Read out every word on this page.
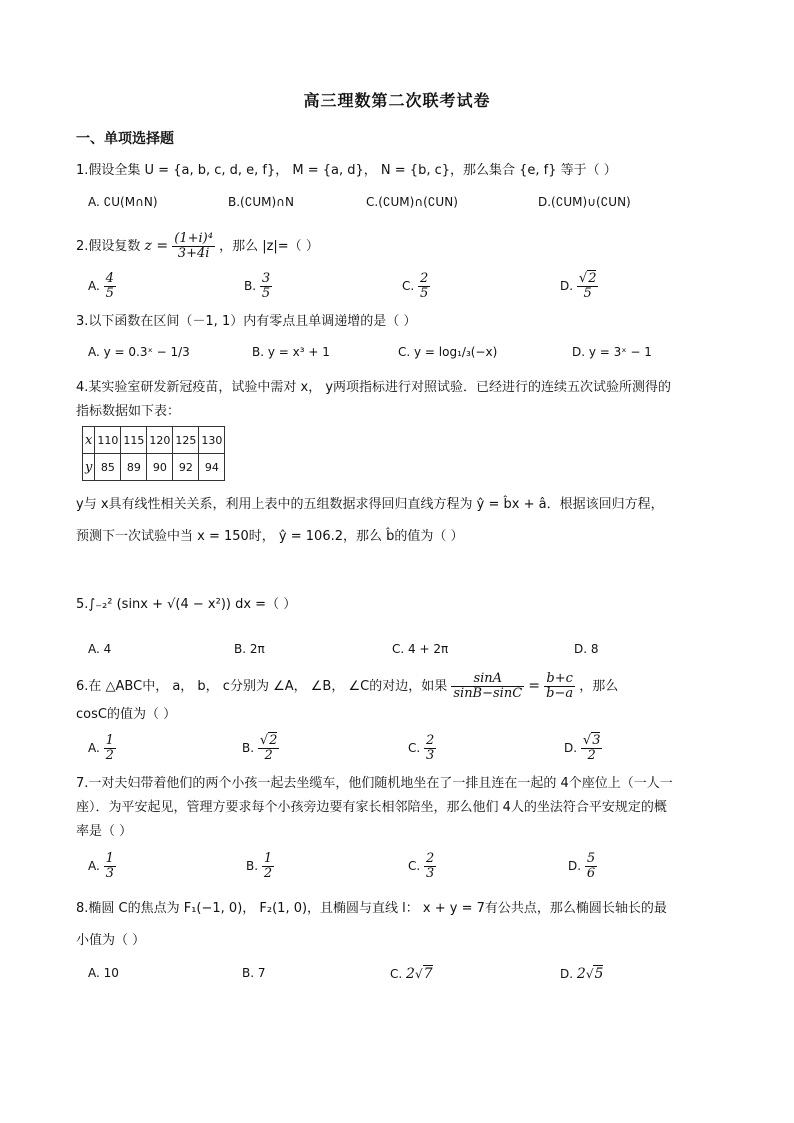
高三理数第二次联考试卷
一、单项选择题
1.假设全集 U = {a, b, c, d, e, f}， M = {a, d}， N = {b, c}，那么集合 {e, f} 等于（ ）
A. ∁U(M∩N)	B.(∁UM)∩N	C.(∁UM)∩(∁UN)	D.(∁UM)∪(∁UN)
2.假设复数 $z = \frac{\text{(1+i)⁴}}{3+4i}$ ，那么 |z|=（ ）
A. $\frac{4}{5}$	B. $\frac{3}{5}$	C. $\frac{2}{5}$	D. $\frac{√2}{5}$
3.以下函数在区间（－1, 1）内有零点且单调递增的是（ ）
A. y = 0.3ˣ − 1/3	B. y = x³ + 1	C. y = log₁/₃(−x)	D. y = 3ˣ − 1
4.某实验室研发新冠疫苗，试验中需对 x， y两项指标进行对照试验．已经进行的连续五次试验所测得的
指标数据如下表：
x	110	115	120	125	130
y	85	89	90	92	94
y与 x具有线性相关关系，利用上表中的五组数据求得回归直线方程为 ŷ = b̂x + â．根据该回归方程，
预测下一次试验中当 x = 150时， ŷ = 106.2，那么 b̂的值为（ ）
5.∫₋₂² (sinx + √(4 − x²)) dx =（ ）
A. 4	B. 2π	C. 4 + 2π	D. 8
6.在 △ABC中， a， b， c分别为 ∠A， ∠B， ∠C的对边，如果 $\frac{\sin A}{\sin B-\sin C} = \frac{b+c}{b-a}$ ，那么
cosC的值为（ ）
A. $\frac{1}{2}$	B. $\frac{√2}{2}$	C. $\frac{2}{3}$	D. $\frac{√3}{2}$
7.一对夫妇带着他们的两个小孩一起去坐缆车，他们随机地坐在了一排且连在一起的 4个座位上（一人一
座）．为平安起见，管理方要求每个小孩旁边要有家长相邻陪坐，那么他们 4人的坐法符合平安规定的概
率是（ ）
A. $\frac{1}{3}$	B. $\frac{1}{2}$	C. $\frac{2}{3}$	D. $\frac{5}{6}$
8.椭圆 C的焦点为 F₁(−1, 0)， F₂(1, 0)，且椭圆与直线 l： x + y = 7有公共点，那么椭圆长轴长的最
小值为（ ）
A. 10	B. 7	C. 2√7	D. 2√5
